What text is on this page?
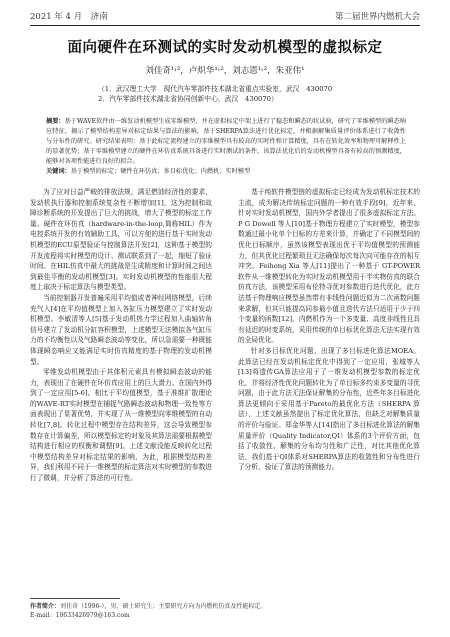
2021 年 4 月　济南	第二届世界内燃机大会
面向硬件在环测试的实时发动机模型的虚拟标定
刘佳奇¹˒²，卢炽华¹˒²，刘志恩¹˒²，朱亚伟¹
（1．武汉理工大学　现代汽车零部件技术湖北省重点实验室，武汉　430070
2．汽车零部件技术湖北省协同创新中心，武汉　430070）
摘要：基于WAVE软件由一维发动机模型生成零维模型，并在虚拟标定中架上进行了稳态和瞬态的状试验，研究了零维模型的瞬态响应特征，揭示了模型结构差异对标定结果与算法的影响，基于SHERPA算法进行优化标定，并根据解集质量评价体系进行了收敛性与分布性的研究。研究结果表明：基于此标定流程建立的零维模型具有较高的实时性和计算精度，具有在转化效率和物理可解释性上的显著优势；基于零维模型建立的硬件在环仿真系统具备进行实时测试的条件，该算法优化后的发动机模型具备有较高的预测精度，能够对各项性能进行良好的拟合。
关键词：基于模型的标定；硬件在环仿真；多目标优化；内燃机；实时模型

为了应对日益严峻的排放法规，满足燃油经济性的要求，发动机执行器和控制系统复杂性不断增加[1]，这为控制和故障诊断系统的开发提出了巨大的挑战，增大了模型的标定工作量。硬件在环仿真（hardware-in-the-loop,简称HIL）作为电控系统开发的有效辅助工具，可以方便的进行基于实时发动机模型的ECU原型验证与控制算法开发[2]，这种基于模型的开发流程将实时模型的设计、测试联系到了一起，缩短了验证时间。在HIL仿真中最大的挑战是生成精度和计算时间之间达到最佳平衡的发动机模型[3]。实时发动机模型的性能很大程度上取决于标定算法与模型类型。

当前控制器开发普遍采用平均值或者神经网络模型，后续充气入[4]在平均值模型上加入各缸压力模型建立了实时发动机模型。李敏清等人[5]基于发动机热力学过程加入曲轴转角信号建立了发动机分缸容积模型，上述模型无法模拟各气缸压力的不均衡性以及气路瞬态波动等变化，所以急需要一种既能体现瞬态响应又能满足实时仿真精度的基于物理的发动机模型。

零维发动机模型由于其体积元素具有模拟瞬态波动的能力，表现出了在硬件在环仿真应用上的巨大潜力。在国内外得到了一定应用[5-6]。相比于平均值模型，基于准维扩散理论的WAVE-RT实时模型在捕捉气路瞬态波动和物理一致性等方面表现出了显著优势，并实现了从一维模型向零维模型的自动转化[7,8]。转化过程中模型存在结构差异，这会导致模型参数存在计算偏差，所以模型标定的对象及其算法需要根据模型结构进行相应的权衡和调整[9]。上述文献没能反映转化过程中模型结构差异对标定结果的影响，为此，根据模型结构差异，我们利用不同于一维模型的标定算法对实时模型的参数进行了微调，并分析了算法的可行性。

基于纯软件模型链的虚拟标定已经成为发动机标定技术的主流，成为解决传统标定问题的一种有效手段[9]，近年来，针对实时发动机模型，国内外学者提出了很多虚拟标定方法。P G Dowell 等人[10]基于物理方程建立了实时模型，模型参数通过最小化单个目标的方差来计算，并确定了不同模型间的优化目标顺序，虽然该模型表现出优于平均值模型的预测能力，但其优化过程繁琐且无法确保每次每次向可能存在的相互冲突。Feihong Xia 等人[11]提出了一种基于 GT-POWER 软件从一维模型转化为实时发动机模型用于半实物仿真的联合仿真方法，该模型采用布伦特寻优对参数进行迭代优化，此方法基于物理响应模型虽然带有非线性问题近似为二次函数问题来求解，但其只能提高同参最小值且迭代方法只适用于少于四个变量的函数[12]，内燃机作为一个多变量、高度非线性且具有延迟的时变系统，采用传统的单目标优化算法无法实现有效的全局优化。

针对多目标优化问题，出现了多目标进化算法MOEA。此算法已经在发动机标定优化中得到了一定应用，张城等人[13]将遗传GA算法应用于了一维发动机模型参数的标定优化，并将经济性优化问题转化为了单目标多约束多变量的寻优问题，由于此方法无法保证解集的分布性，近些年多目标进化算法更倾向于采用基于Pareto的最优化方法（SHERPA 算法），上述文献虽然提出了标定优化算法，但缺乏对解集质量的评价与验证。郑金华等人[14]指出了多目标进化算法的解集质量评价（Quality Indicator,QI）体系的3个评价方面，包括了收敛性、解集的分布均匀性和广泛性，对比其他优化算法，我们基于QI体系对SHERPA算法的收敛性和分布性进行了分析，验证了算法的预测能力。

作者简介：刘佳奇（1996-），男，硕士研究生；主要研究方向为内燃机仿真及性能标定。
E-mail：18633426979@163.com
